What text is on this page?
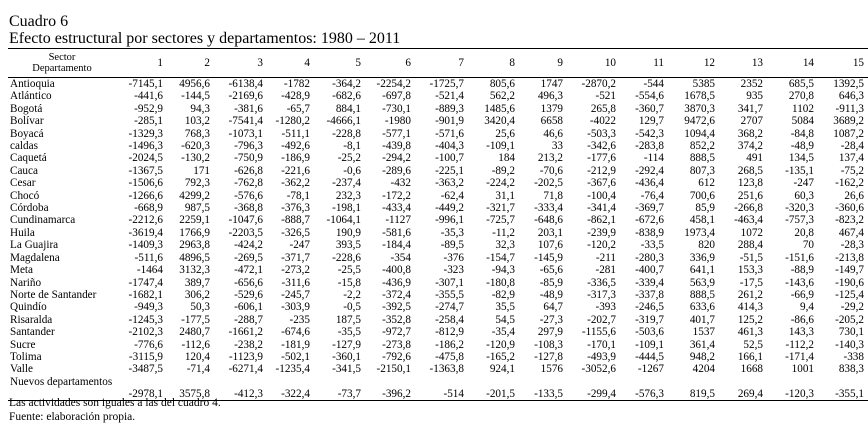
Cuadro 6
Efecto estructural por sectores y departamentos: 1980 – 2011
Sector
Departamento	1	2	3	4	5	6	7	8	9	10	11	12	13	14	15
Antioquia	-7145,1	4956,6	-6138,4	-1782	-364,2	-2254,2	-1725,7	805,6	1747	-2870,2	-544	5385	2352	685,5	1392,5
Atlántico	-441,6	-144,5	-2169,6	-428,9	-682,6	-697,8	-521,4	562,2	496,3	-521	-554,6	1678,5	935	270,8	646,3
Bogotá	-952,9	94,3	-381,6	-65,7	884,1	-730,1	-889,3	1485,6	1379	265,8	-360,7	3870,3	341,7	1102	-911,3
Bolívar	-285,1	103,2	-7541,4	-1280,2	-4666,1	-1980	-901,9	3420,4	6658	-4022	129,7	9472,6	2707	5084	3689,2
Boyacá	-1329,3	768,3	-1073,1	-511,1	-228,8	-577,1	-571,6	25,6	46,6	-503,3	-542,3	1094,4	368,2	-84,8	1087,2
caldas	-1496,3	-620,3	-796,3	-492,6	-8,1	-439,8	-404,3	-109,1	33	-342,6	-283,8	852,2	374,2	-48,9	-28,4
Caquetá	-2024,5	-130,2	-750,9	-186,9	-25,2	-294,2	-100,7	184	213,2	-177,6	-114	888,5	491	134,5	137,4
Cauca	-1367,5	171	-626,8	-221,6	-0,6	-289,6	-225,1	-89,2	-70,6	-212,9	-292,4	807,3	268,5	-135,1	-75,2
Cesar	-1506,6	792,3	-762,8	-362,2	-237,4	-432	-363,2	-224,2	-202,5	-367,6	-436,4	612	123,8	-247	-162,2
Chocó	-1266,6	4299,2	-576,6	-78,1	232,3	-172,2	-62,4	31,1	71,8	-100,4	-76,4	700,6	251,6	60,3	26,6
Córdoba	-668,9	987,5	-368,8	-376,3	-198,1	-433,4	-449,2	-321,7	-333,4	-341,4	-369,7	85,9	-266,8	-320,3	-360,6
Cundinamarca	-2212,6	2259,1	-1047,6	-888,7	-1064,1	-1127	-996,1	-725,7	-648,6	-862,1	-672,6	458,1	-463,4	-757,3	-823,2
Huila	-3619,4	1766,9	-2203,5	-326,5	190,9	-581,6	-35,3	-11,2	203,1	-239,9	-838,9	1973,4	1072	20,8	467,4
La Guajira	-1409,3	2963,8	-424,2	-247	393,5	-184,4	-89,5	32,3	107,6	-120,2	-33,5	820	288,4	70	-28,3
Magdalena	-511,6	4896,5	-269,5	-371,7	-228,6	-354	-376	-154,7	-145,9	-211	-280,3	336,9	-51,5	-151,6	-213,8
Meta	-1464	3132,3	-472,1	-273,2	-25,5	-400,8	-323	-94,3	-65,6	-281	-400,7	641,1	153,3	-88,9	-149,7
Nariño	-1747,4	389,7	-656,6	-311,6	-15,8	-436,9	-307,1	-180,8	-85,9	-336,5	-339,4	563,9	-17,5	-143,6	-190,6
Norte de Santander	-1682,1	306,2	-529,6	-245,7	-2,2	-372,4	-355,5	-82,9	-48,9	-317,3	-337,8	888,5	261,2	-66,9	-125,4
Quindío	-949,3	50,3	-606,1	-303,9	-0,5	-392,5	-274,7	35,5	64,7	-393	-246,5	633,6	414,3	9,4	-29,2
Risaralda	-1245,3	-177,5	-288,7	-235	187,5	-352,8	-258,4	54,5	-27,3	-202,7	-319,7	401,7	125,2	-86,6	-205,2
Santander	-2102,3	2480,7	-1661,2	-674,6	-35,5	-972,7	-812,9	-35,4	297,9	-1155,6	-503,6	1537	461,3	143,3	730,1
Sucre	-776,6	-112,6	-238,2	-181,9	-127,9	-273,8	-186,2	-120,9	-108,3	-170,1	-109,1	361,4	52,5	-112,2	-140,3
Tolima	-3115,9	120,4	-1123,9	-502,1	-360,1	-792,6	-475,8	-165,2	-127,8	-493,9	-444,5	948,2	166,1	-171,4	-338
Valle	-3487,5	-71,4	-6271,4	-1235,4	-341,5	-2150,1	-1363,8	924,1	1576	-3052,6	-1267	4204	1668	1001	838,3
Nuevos departamentos	-2978,1	3575,8	-412,3	-322,4	-73,7	-396,2	-514	-201,5	-133,5	-299,4	-576,3	819,5	269,4	-120,3	-355,1
Las actividades son iguales a las del cuadro 4.
Fuente: elaboración propia.
